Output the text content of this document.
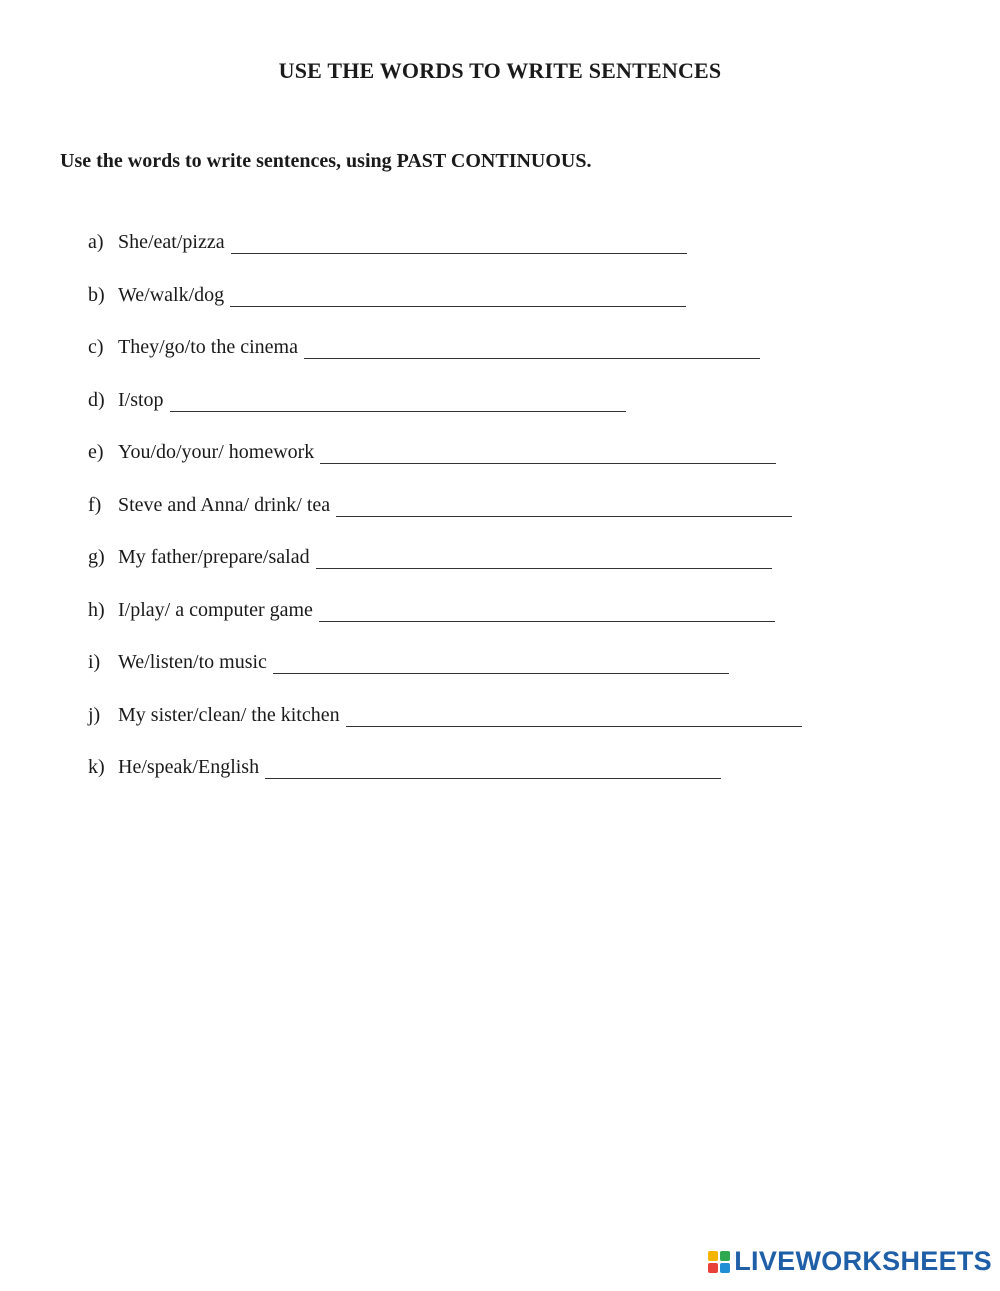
USE THE WORDS TO WRITE SENTENCES
Use the words to write sentences, using PAST CONTINUOUS.
a) She/eat/pizza
b) We/walk/dog
c) They/go/to the cinema
d) I/stop
e) You/do/your/ homework
f) Steve and Anna/ drink/ tea
g) My father/prepare/salad
h) I/play/ a computer game
i) We/listen/to music
j) My sister/clean/ the kitchen
k) He/speak/English
LIVEWORKSHEETS
